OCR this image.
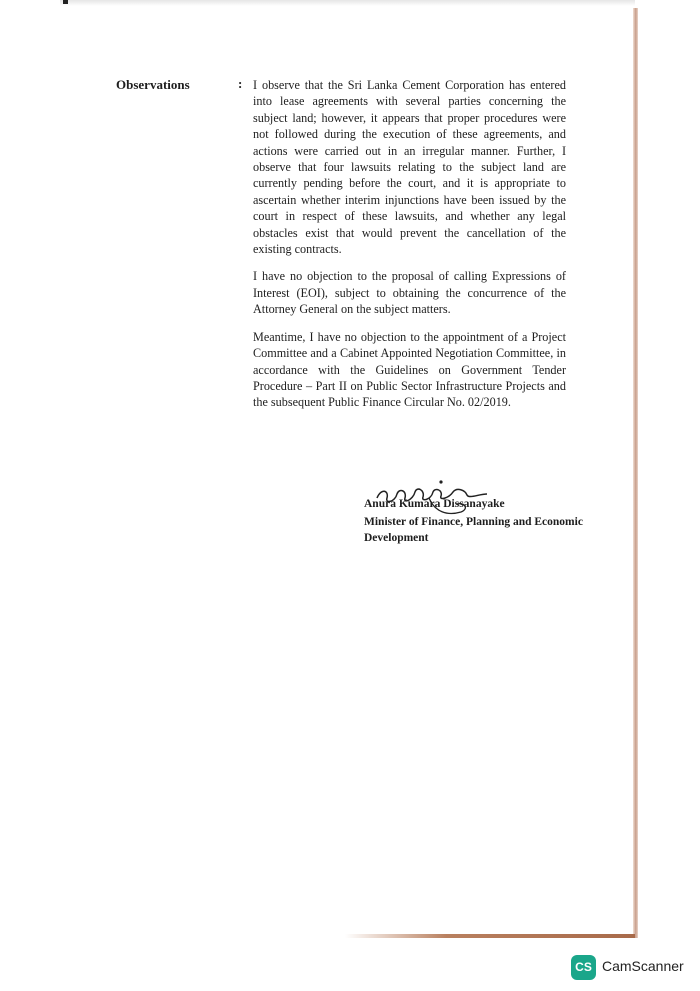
Observations	: I observe that the Sri Lanka Cement Corporation has entered into lease agreements with several parties concerning the subject land; however, it appears that proper procedures were not followed during the execution of these agreements, and actions were carried out in an irregular manner. Further, I observe that four lawsuits relating to the subject land are currently pending before the court, and it is appropriate to ascertain whether interim injunctions have been issued by the court in respect of these lawsuits, and whether any legal obstacles exist that would prevent the cancellation of the existing contracts.

I have no objection to the proposal of calling Expressions of Interest (EOI), subject to obtaining the concurrence of the Attorney General on the subject matters.

Meantime, I have no objection to the appointment of a Project Committee and a Cabinet Appointed Negotiation Committee, in accordance with the Guidelines on Government Tender Procedure – Part II on Public Sector Infrastructure Projects and the subsequent Public Finance Circular No. 02/2019.

Anura Kumara Dissanayake
Minister of Finance, Planning and Economic Development
CS CamScanner
